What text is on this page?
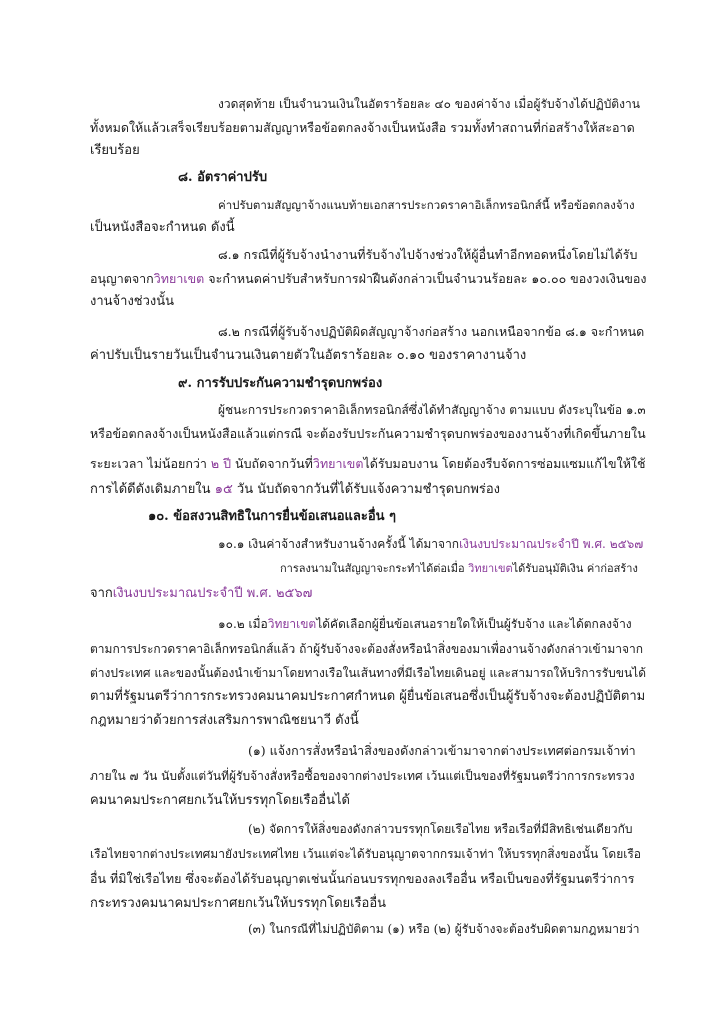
งวดสุดท้าย เป็นจำนวนเงินในอัตราร้อยละ ๔๐ ของค่าจ้าง เมื่อผู้รับจ้างได้ปฏิบัติงาน
ทั้งหมดให้แล้วเสร็จเรียบร้อยตามสัญญาหรือข้อตกลงจ้างเป็นหนังสือ รวมทั้งทำสถานที่ก่อสร้างให้สะอาด
เรียบร้อย
๘. อัตราค่าปรับ
ค่าปรับตามสัญญาจ้างแนบท้ายเอกสารประกวดราคาอิเล็กทรอนิกส์นี้ หรือข้อตกลงจ้าง
เป็นหนังสือจะกำหนด ดังนี้
๘.๑ กรณีที่ผู้รับจ้างนำงานที่รับจ้างไปจ้างช่วงให้ผู้อื่นทำอีกทอดหนึ่งโดยไม่ได้รับ
อนุญาตจากวิทยาเขต จะกำหนดค่าปรับสำหรับการฝ่าฝืนดังกล่าวเป็นจำนวนร้อยละ ๑๐.๐๐ ของวงเงินของ
งานจ้างช่วงนั้น
๘.๒ กรณีที่ผู้รับจ้างปฏิบัติผิดสัญญาจ้างก่อสร้าง นอกเหนือจากข้อ ๘.๑ จะกำหนด
ค่าปรับเป็นรายวันเป็นจำนวนเงินตายตัวในอัตราร้อยละ ๐.๑๐ ของราคางานจ้าง
๙. การรับประกันความชำรุดบกพร่อง
ผู้ชนะการประกวดราคาอิเล็กทรอนิกส์ซึ่งได้ทำสัญญาจ้าง ตามแบบ ดังระบุในข้อ ๑.๓
หรือข้อตกลงจ้างเป็นหนังสือแล้วแต่กรณี จะต้องรับประกันความชำรุดบกพร่องของงานจ้างที่เกิดขึ้นภายใน
ระยะเวลา ไม่น้อยกว่า ๒ ปี นับถัดจากวันที่วิทยาเขตได้รับมอบงาน โดยต้องรีบจัดการซ่อมแซมแก้ไขให้ใช้
การได้ดีดังเดิมภายใน ๑๕ วัน นับถัดจากวันที่ได้รับแจ้งความชำรุดบกพร่อง
๑๐. ข้อสงวนสิทธิในการยื่นข้อเสนอและอื่น ๆ
๑๐.๑ เงินค่าจ้างสำหรับงานจ้างครั้งนี้ ได้มาจากเงินงบประมาณประจำปี พ.ศ. ๒๕๖๗
การลงนามในสัญญาจะกระทำได้ต่อเมื่อ วิทยาเขตได้รับอนุมัติเงิน ค่าก่อสร้าง
จากเงินงบประมาณประจำปี พ.ศ. ๒๕๖๗
๑๐.๒ เมื่อวิทยาเขตได้คัดเลือกผู้ยื่นข้อเสนอรายใดให้เป็นผู้รับจ้าง และได้ตกลงจ้าง
ตามการประกวดราคาอิเล็กทรอนิกส์แล้ว ถ้าผู้รับจ้างจะต้องสั่งหรือนำสิ่งของมาเพื่องานจ้างดังกล่าวเข้ามาจาก
ต่างประเทศ และของนั้นต้องนำเข้ามาโดยทางเรือในเส้นทางที่มีเรือไทยเดินอยู่ และสามารถให้บริการรับขนได้
ตามที่รัฐมนตรีว่าการกระทรวงคมนาคมประกาศกำหนด ผู้ยื่นข้อเสนอซึ่งเป็นผู้รับจ้างจะต้องปฏิบัติตาม
กฎหมายว่าด้วยการส่งเสริมการพาณิชยนาวี ดังนี้
(๑) แจ้งการสั่งหรือนำสิ่งของดังกล่าวเข้ามาจากต่างประเทศต่อกรมเจ้าท่า
ภายใน ๗ วัน นับตั้งแต่วันที่ผู้รับจ้างสั่งหรือซื้อของจากต่างประเทศ เว้นแต่เป็นของที่รัฐมนตรีว่าการกระทรวง
คมนาคมประกาศยกเว้นให้บรรทุกโดยเรืออื่นได้
(๒) จัดการให้สิ่งของดังกล่าวบรรทุกโดยเรือไทย หรือเรือที่มีสิทธิเช่นเดียวกับ
เรือไทยจากต่างประเทศมายังประเทศไทย เว้นแต่จะได้รับอนุญาตจากกรมเจ้าท่า ให้บรรทุกสิ่งของนั้น โดยเรือ
อื่น ที่มิใช่เรือไทย ซึ่งจะต้องได้รับอนุญาตเช่นนั้นก่อนบรรทุกของลงเรืออื่น หรือเป็นของที่รัฐมนตรีว่าการ
กระทรวงคมนาคมประกาศยกเว้นให้บรรทุกโดยเรืออื่น
(๓) ในกรณีที่ไม่ปฏิบัติตาม (๑) หรือ (๒) ผู้รับจ้างจะต้องรับผิดตามกฎหมายว่า
